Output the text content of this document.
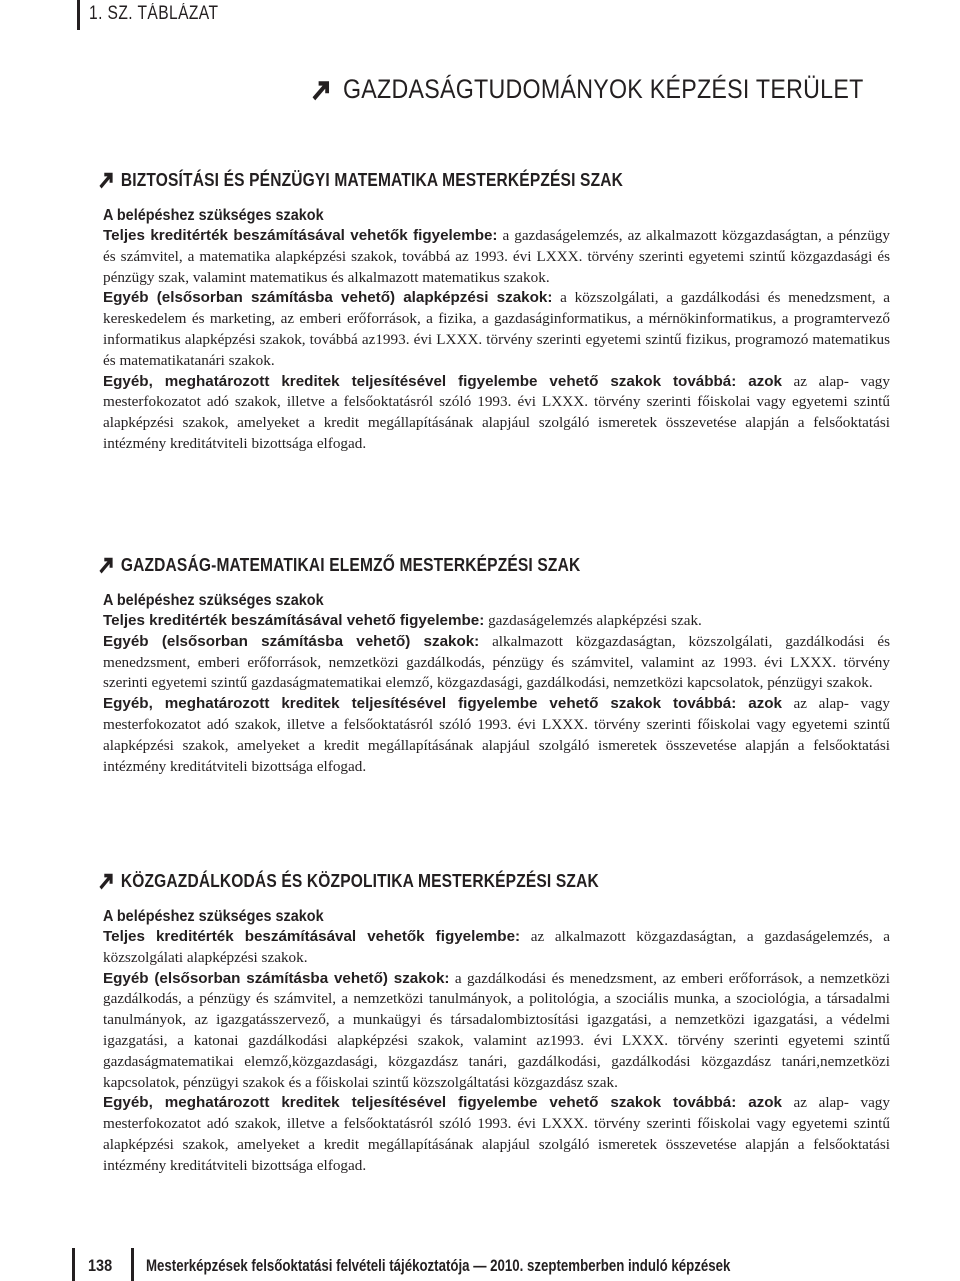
1. SZ. TÁBLÁZAT
GAZDASÁGTUDOMÁNYOK KÉPZÉSI TERÜLET
BIZTOSÍTÁSI ÉS PÉNZÜGYI MATEMATIKA MESTERKÉPZÉSI SZAK
A belépéshez szükséges szakok

Teljes kreditérték beszámításával vehetők figyelembe: a gazdaságelemzés, az alkalmazott közgazdaságtan, a pénzügy és számvitel, a matematika alapképzési szakok, továbbá az 1993. évi LXXX. törvény szerinti egyetemi szintű közgazdasági és pénzügy szak, valamint matematikus és alkalmazott matematikus szakok.

Egyéb (elsősorban számításba vehető) alapképzési szakok: a közszolgálati, a gazdálkodási és menedzsment, a kereskedelem és marketing, az emberi erőforrások, a fizika, a gazdaságinformatikus, a mérnökinformatikus, a programtervező informatikus alapképzési szakok, továbbá az1993. évi LXXX. törvény szerinti egyetemi szintű fizikus, programozó matematikus és matematikatanári szakok.

Egyéb, meghatározott kreditek teljesítésével figyelembe vehető szakok továbbá: azok az alap- vagy mesterfokozatot adó szakok, illetve a felsőoktatásról szóló 1993. évi LXXX. törvény szerinti főiskolai vagy egyetemi szintű alapképzési szakok, amelyeket a kredit megállapításának alapjául szolgáló ismeretek összevetése alapján a felsőoktatási intézmény kreditátviteli bizottsága elfogad.

GAZDASÁG-MATEMATIKAI ELEMZŐ MESTERKÉPZÉSI SZAK
A belépéshez szükséges szakok

Teljes kreditérték beszámításával vehető figyelembe: gazdaságelemzés alapképzési szak.

Egyéb (elsősorban számításba vehető) szakok: alkalmazott közgazdaságtan, közszolgálati, gazdálkodási és menedzsment, emberi erőforrások, nemzetközi gazdálkodás, pénzügy és számvitel, valamint az 1993. évi LXXX. törvény szerinti egyetemi szintű gazdaságmatematikai elemző, közgazdasági, gazdálkodási, nemzetközi kapcsolatok, pénzügyi szakok.

Egyéb, meghatározott kreditek teljesítésével figyelembe vehető szakok továbbá: azok az alap- vagy mesterfokozatot adó szakok, illetve a felsőoktatásról szóló 1993. évi LXXX. törvény szerinti főiskolai vagy egyetemi szintű alapképzési szakok, amelyeket a kredit megállapításának alapjául szolgáló ismeretek összevetése alapján a felsőoktatási intézmény kreditátviteli bizottsága elfogad.

KÖZGAZDÁLKODÁS ÉS KÖZPOLITIKA MESTERKÉPZÉSI SZAK
A belépéshez szükséges szakok

Teljes kreditérték beszámításával vehetők figyelembe: az alkalmazott közgazdaságtan, a gazdaságelemzés, a közszolgálati alapképzési szakok.

Egyéb (elsősorban számításba vehető) szakok: a gazdálkodási és menedzsment, az emberi erőforrások, a nemzetközi gazdálkodás, a pénzügy és számvitel, a nemzetközi tanulmányok, a politológia, a szociális munka, a szociológia, a társadalmi tanulmányok, az igazgatásszervező, a munkaügyi és társadalombiztosítási igazgatási, a nemzetközi igazgatási, a védelmi igazgatási, a katonai gazdálkodási alapképzési szakok, valamint az1993. évi LXXX. törvény szerinti egyetemi szintű gazdaságmatematikai elemző,közgazdasági, közgazdász tanári, gazdálkodási, gazdálkodási közgazdász tanári,nemzetközi kapcsolatok, pénzügyi szakok és a főiskolai szintű közszolgáltatási közgazdász szak.

Egyéb, meghatározott kreditek teljesítésével figyelembe vehető szakok továbbá: azok az alap- vagy mesterfokozatot adó szakok, illetve a felsőoktatásról szóló 1993. évi LXXX. törvény szerinti főiskolai vagy egyetemi szintű alapképzési szakok, amelyeket a kredit megállapításának alapjául szolgáló ismeretek összevetése alapján a felsőoktatási intézmény kreditátviteli bizottsága elfogad.

138 Mesterképzések felsőoktatási felvételi tájékoztatója — 2010. szeptemberben induló képzések
